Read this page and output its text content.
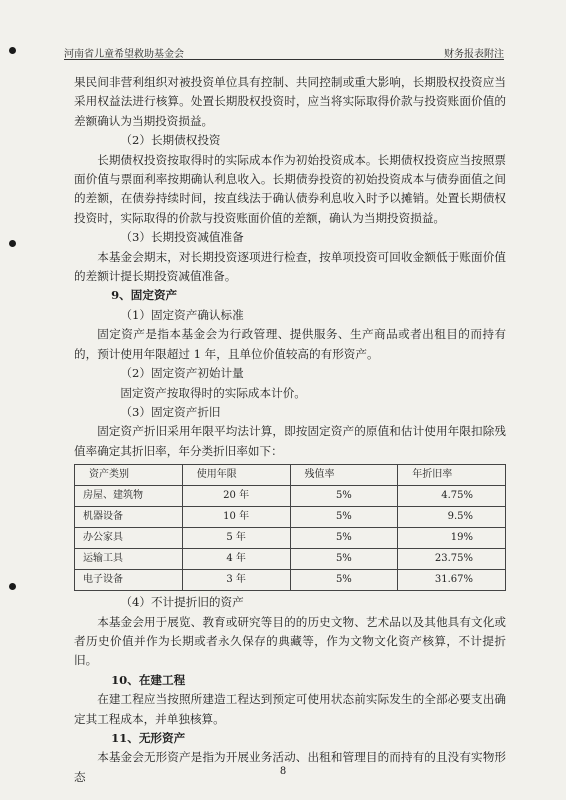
河南省儿童希望救助基金会	财务报表附注

果民间非营利组织对被投资单位具有控制、共同控制或重大影响，长期股权投资应当采用权益法进行核算。处置长期股权投资时，应当将实际取得价款与投资账面价值的差额确认为当期投资损益。

（2）长期债权投资

长期债权投资按取得时的实际成本作为初始投资成本。长期债权投资应当按照票面价值与票面利率按期确认利息收入。长期债券投资的初始投资成本与债券面值之间的差额，在债券持续时间，按直线法于确认债券利息收入时予以摊销。处置长期债权投资时，实际取得的价款与投资账面价值的差额，确认为当期投资损益。

（3）长期投资减值准备

本基金会期末，对长期投资逐项进行检查，按单项投资可回收金额低于账面价值的差额计提长期投资减值准备。

9、固定资产

（1）固定资产确认标准

固定资产是指本基金会为行政管理、提供服务、生产商品或者出租目的而持有的，预计使用年限超过 1 年，且单位价值较高的有形资产。

（2）固定资产初始计量

固定资产按取得时的实际成本计价。

（3）固定资产折旧

固定资产折旧采用年限平均法计算，即按固定资产的原值和估计使用年限扣除残值率确定其折旧率，年分类折旧率如下：

资产类别	使用年限	残值率	年折旧率
房屋、建筑物	20 年	5%	4.75%
机器设备	10 年	5%	9.5%
办公家具	5 年	5%	19%
运输工具	4 年	5%	23.75%
电子设备	3 年	5%	31.67%

（4）不计提折旧的资产

本基金会用于展览、教育或研究等目的的历史文物、艺术品以及其他具有文化或者历史价值并作为长期或者永久保存的典藏等，作为文物文化资产核算，不计提折旧。

10、在建工程

在建工程应当按照所建造工程达到预定可使用状态前实际发生的全部必要支出确定其工程成本，并单独核算。

11、无形资产

本基金会无形资产是指为开展业务活动、出租和管理目的而持有的且没有实物形态	8
